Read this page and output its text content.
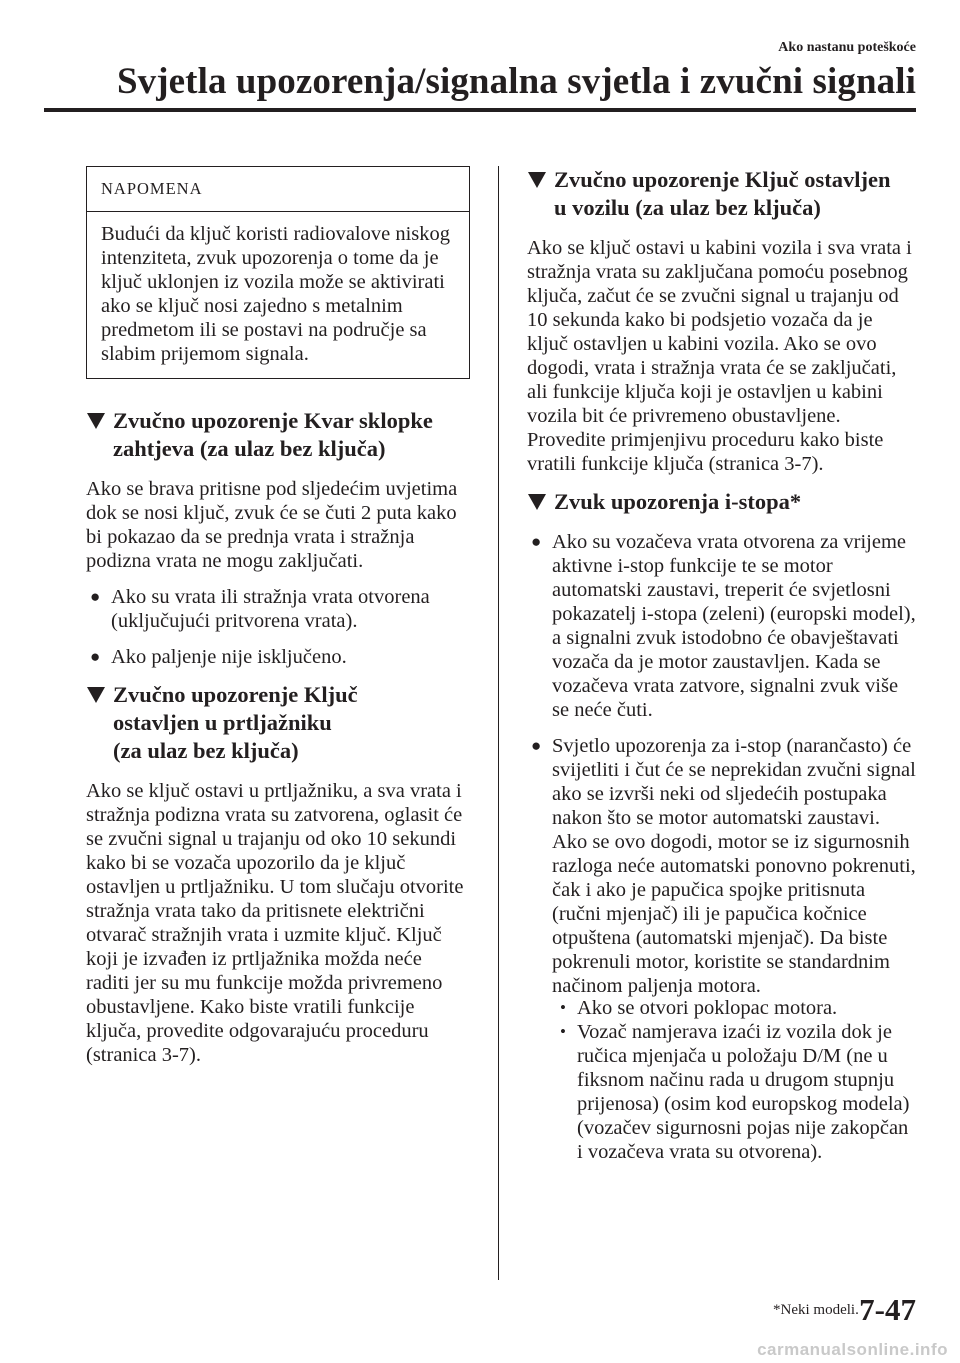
Ako nastanu poteškoće
Svjetla upozorenja/signalna svjetla i zvučni signali
NAPOMENA
Budući da ključ koristi radiovalove niskog intenziteta, zvuk upozorenja o tome da je ključ uklonjen iz vozila može se aktivirati ako se ključ nosi zajedno s metalnim predmetom ili se postavi na područje sa slabim prijemom signala.
Zvučno upozorenje Kvar sklopke
zahtjeva (za ulaz bez ključa)

Ako se brava pritisne pod sljedećim uvjetima dok se nosi ključ, zvuk će se čuti 2 puta kako bi pokazao da se prednja vrata i stražnja podizna vrata ne mogu zaključati.

● Ako su vrata ili stražnja vrata otvorena (uključujući pritvorena vrata).
● Ako paljenje nije isključeno.
Zvučno upozorenje Ključ
ostavljen u prtljažniku
(za ulaz bez ključa)

Ako se ključ ostavi u prtljažniku, a sva vrata i stražnja podizna vrata su zatvorena, oglasit će se zvučni signal u trajanju od oko 10 sekundi kako bi se vozača upozorilo da je ključ ostavljen u prtljažniku. U tom slučaju otvorite stražnja vrata tako da pritisnete električni otvarač stražnjih vrata i uzmite ključ. Ključ koji je izvađen iz prtljažnika možda neće raditi jer su mu funkcije možda privremeno obustavljene. Kako biste vratili funkcije ključa, provedite odgovarajuću proceduru (stranica 3-7).

Zvučno upozorenje Ključ ostavljen
u vozilu (za ulaz bez ključa)

Ako se ključ ostavi u kabini vozila i sva vrata i stražnja vrata su zaključana pomoću posebnog ključa, začut će se zvučni signal u trajanju od 10 sekunda kako bi podsjetio vozača da je ključ ostavljen u kabini vozila. Ako se ovo dogodi, vrata i stražnja vrata će se zaključati, ali funkcije ključa koji je ostavljen u kabini vozila bit će privremeno obustavljene.

Provedite primjenjivu proceduru kako biste vratili funkcije ključa (stranica 3-7).

Zvuk upozorenja i-stopa*
● Ako su vozačeva vrata otvorena za vrijeme aktivne i-stop funkcije te se motor automatski zaustavi, treperit će svjetlosni pokazatelj i-stopa (zeleni) (europski model), a signalni zvuk istodobno će obavještavati vozača da je motor zaustavljen. Kada se vozačeva vrata zatvore, signalni zvuk više se neće čuti.
● Svjetlo upozorenja za i-stop (narančasto) će svijetliti i čut će se neprekidan zvučni signal ako se izvrši neki od sljedećih postupaka nakon što se motor automatski zaustavi. Ako se ovo dogodi, motor se iz sigurnosnih razloga neće automatski ponovno pokrenuti, čak i ako je papučica spojke pritisnuta (ručni mjenjač) ili je papučica kočnice otpuštena (automatski mjenjač). Da biste pokrenuli motor, koristite se standardnim načinom paljenja motora.
• Ako se otvori poklopac motora.
• Vozač namjerava izaći iz vozila dok je ručica mjenjača u položaju D/M (ne u fiksnom načinu rada u drugom stupnju prijenosa) (osim kod europskog modela) (vozačev sigurnosni pojas nije zakopčan i vozačeva vrata su otvorena).
*Neki modeli. 7-47
carmanualsonline.info
